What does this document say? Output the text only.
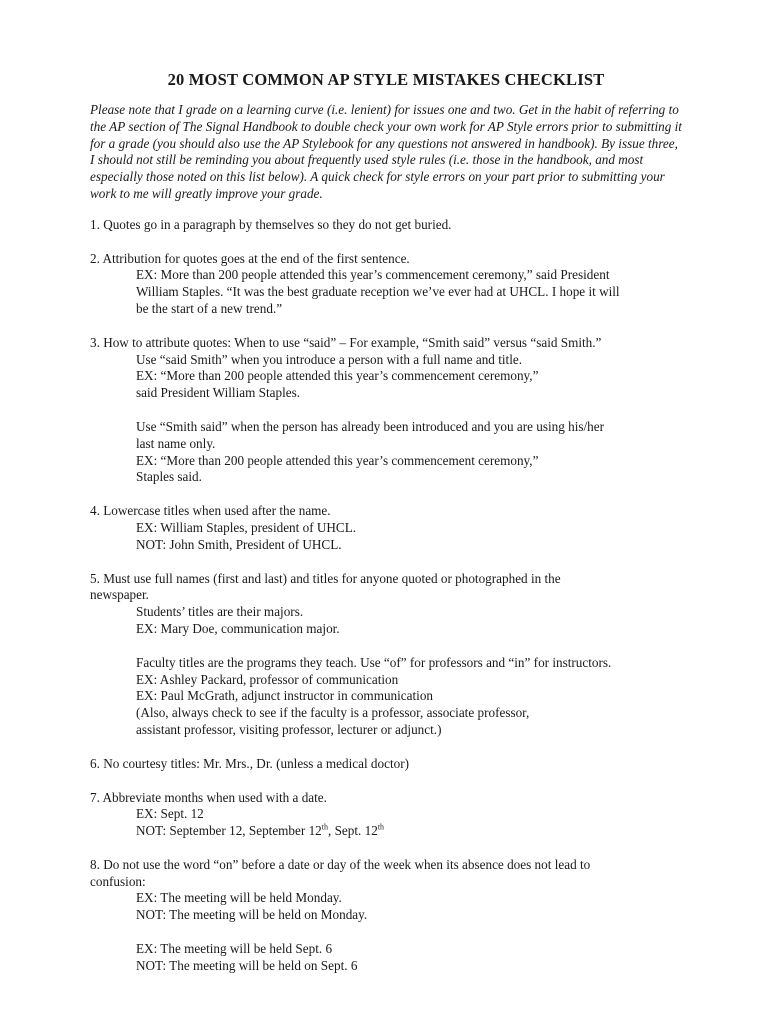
20 MOST COMMON AP STYLE MISTAKES CHECKLIST

Please note that I grade on a learning curve (i.e. lenient) for issues one and two. Get in the habit of referring to the AP section of The Signal Handbook to double check your own work for AP Style errors prior to submitting it for a grade (you should also use the AP Stylebook for any questions not answered in handbook). By issue three, I should not still be reminding you about frequently used style rules (i.e. those in the handbook, and most especially those noted on this list below). A quick check for style errors on your part prior to submitting your work to me will greatly improve your grade.

1. Quotes go in a paragraph by themselves so they do not get buried.

2. Attribution for quotes goes at the end of the first sentence.

EX: More than 200 people attended this year’s commencement ceremony,” said President

William Staples. “It was the best graduate reception we’ve ever had at UHCL. I hope it will

be the start of a new trend.”

3. How to attribute quotes: When to use “said” – For example, “Smith said” versus “said Smith.”

Use “said Smith” when you introduce a person with a full name and title.

EX: “More than 200 people attended this year’s commencement ceremony,”

said President William Staples.

Use “Smith said” when the person has already been introduced and you are using his/her

last name only.

EX: “More than 200 people attended this year’s commencement ceremony,”

Staples said.

4. Lowercase titles when used after the name.

EX: William Staples, president of UHCL.

NOT: John Smith, President of UHCL.

5. Must use full names (first and last) and titles for anyone quoted or photographed in the

newspaper.

Students’ titles are their majors.

EX: Mary Doe, communication major.

Faculty titles are the programs they teach. Use “of” for professors and “in” for instructors.

EX: Ashley Packard, professor of communication

EX: Paul McGrath, adjunct instructor in communication

(Also, always check to see if the faculty is a professor, associate professor,

assistant professor, visiting professor, lecturer or adjunct.)

6. No courtesy titles: Mr. Mrs., Dr. (unless a medical doctor)

7. Abbreviate months when used with a date.

EX: Sept. 12

NOT: September 12, September 12th, Sept. 12th

8. Do not use the word “on” before a date or day of the week when its absence does not lead to

confusion:

EX: The meeting will be held Monday.

NOT: The meeting will be held on Monday.

EX: The meeting will be held Sept. 6

NOT: The meeting will be held on Sept. 6
